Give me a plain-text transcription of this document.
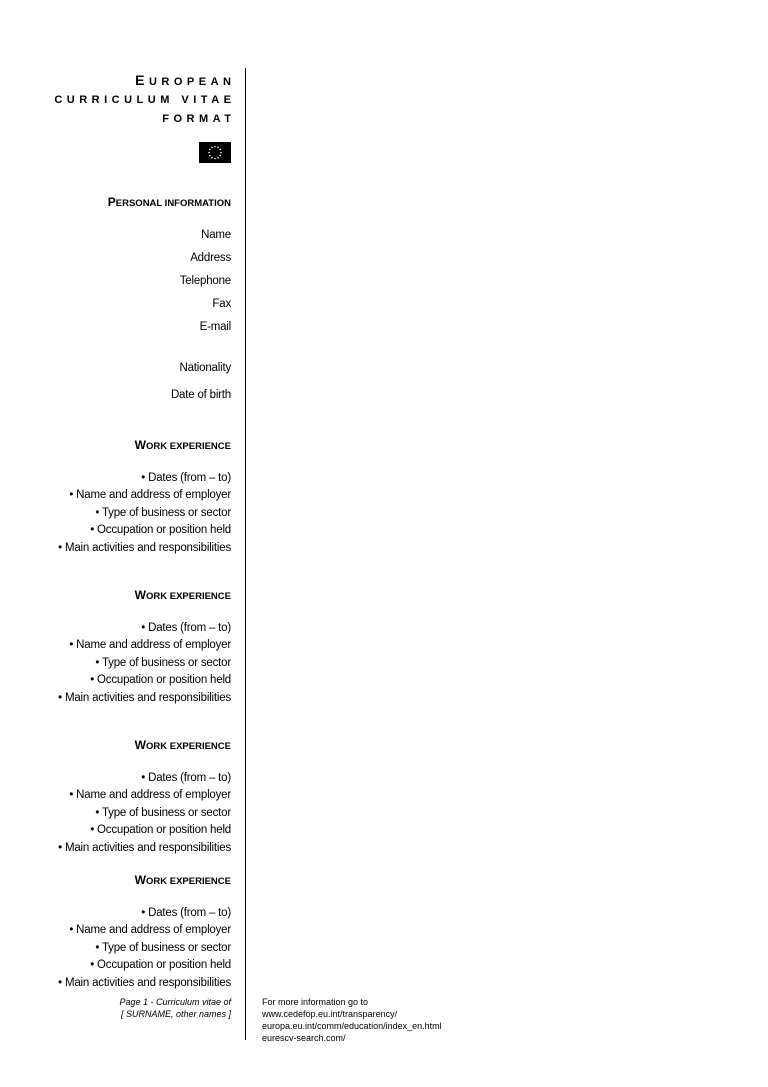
EUROPEAN
CURRICULUM VITAE
FORMAT
PERSONAL INFORMATION
Name
Address
Telephone
Fax
E-mail
Nationality
Date of birth
WORK EXPERIENCE
• Dates (from – to)
• Name and address of employer
• Type of business or sector
• Occupation or position held
• Main activities and responsibilities
WORK EXPERIENCE
• Dates (from – to)
• Name and address of employer
• Type of business or sector
• Occupation or position held
• Main activities and responsibilities
WORK EXPERIENCE
• Dates (from – to)
• Name and address of employer
• Type of business or sector
• Occupation or position held
• Main activities and responsibilities
WORK EXPERIENCE
• Dates (from – to)
• Name and address of employer
• Type of business or sector
• Occupation or position held
• Main activities and responsibilities
Page 1 - Curriculum vitae of
[ SURNAME, other names ]
For more information go to
www.cedefop.eu.int/transparency/
europa.eu.int/comm/education/index_en.html
eurescv-search.com/
